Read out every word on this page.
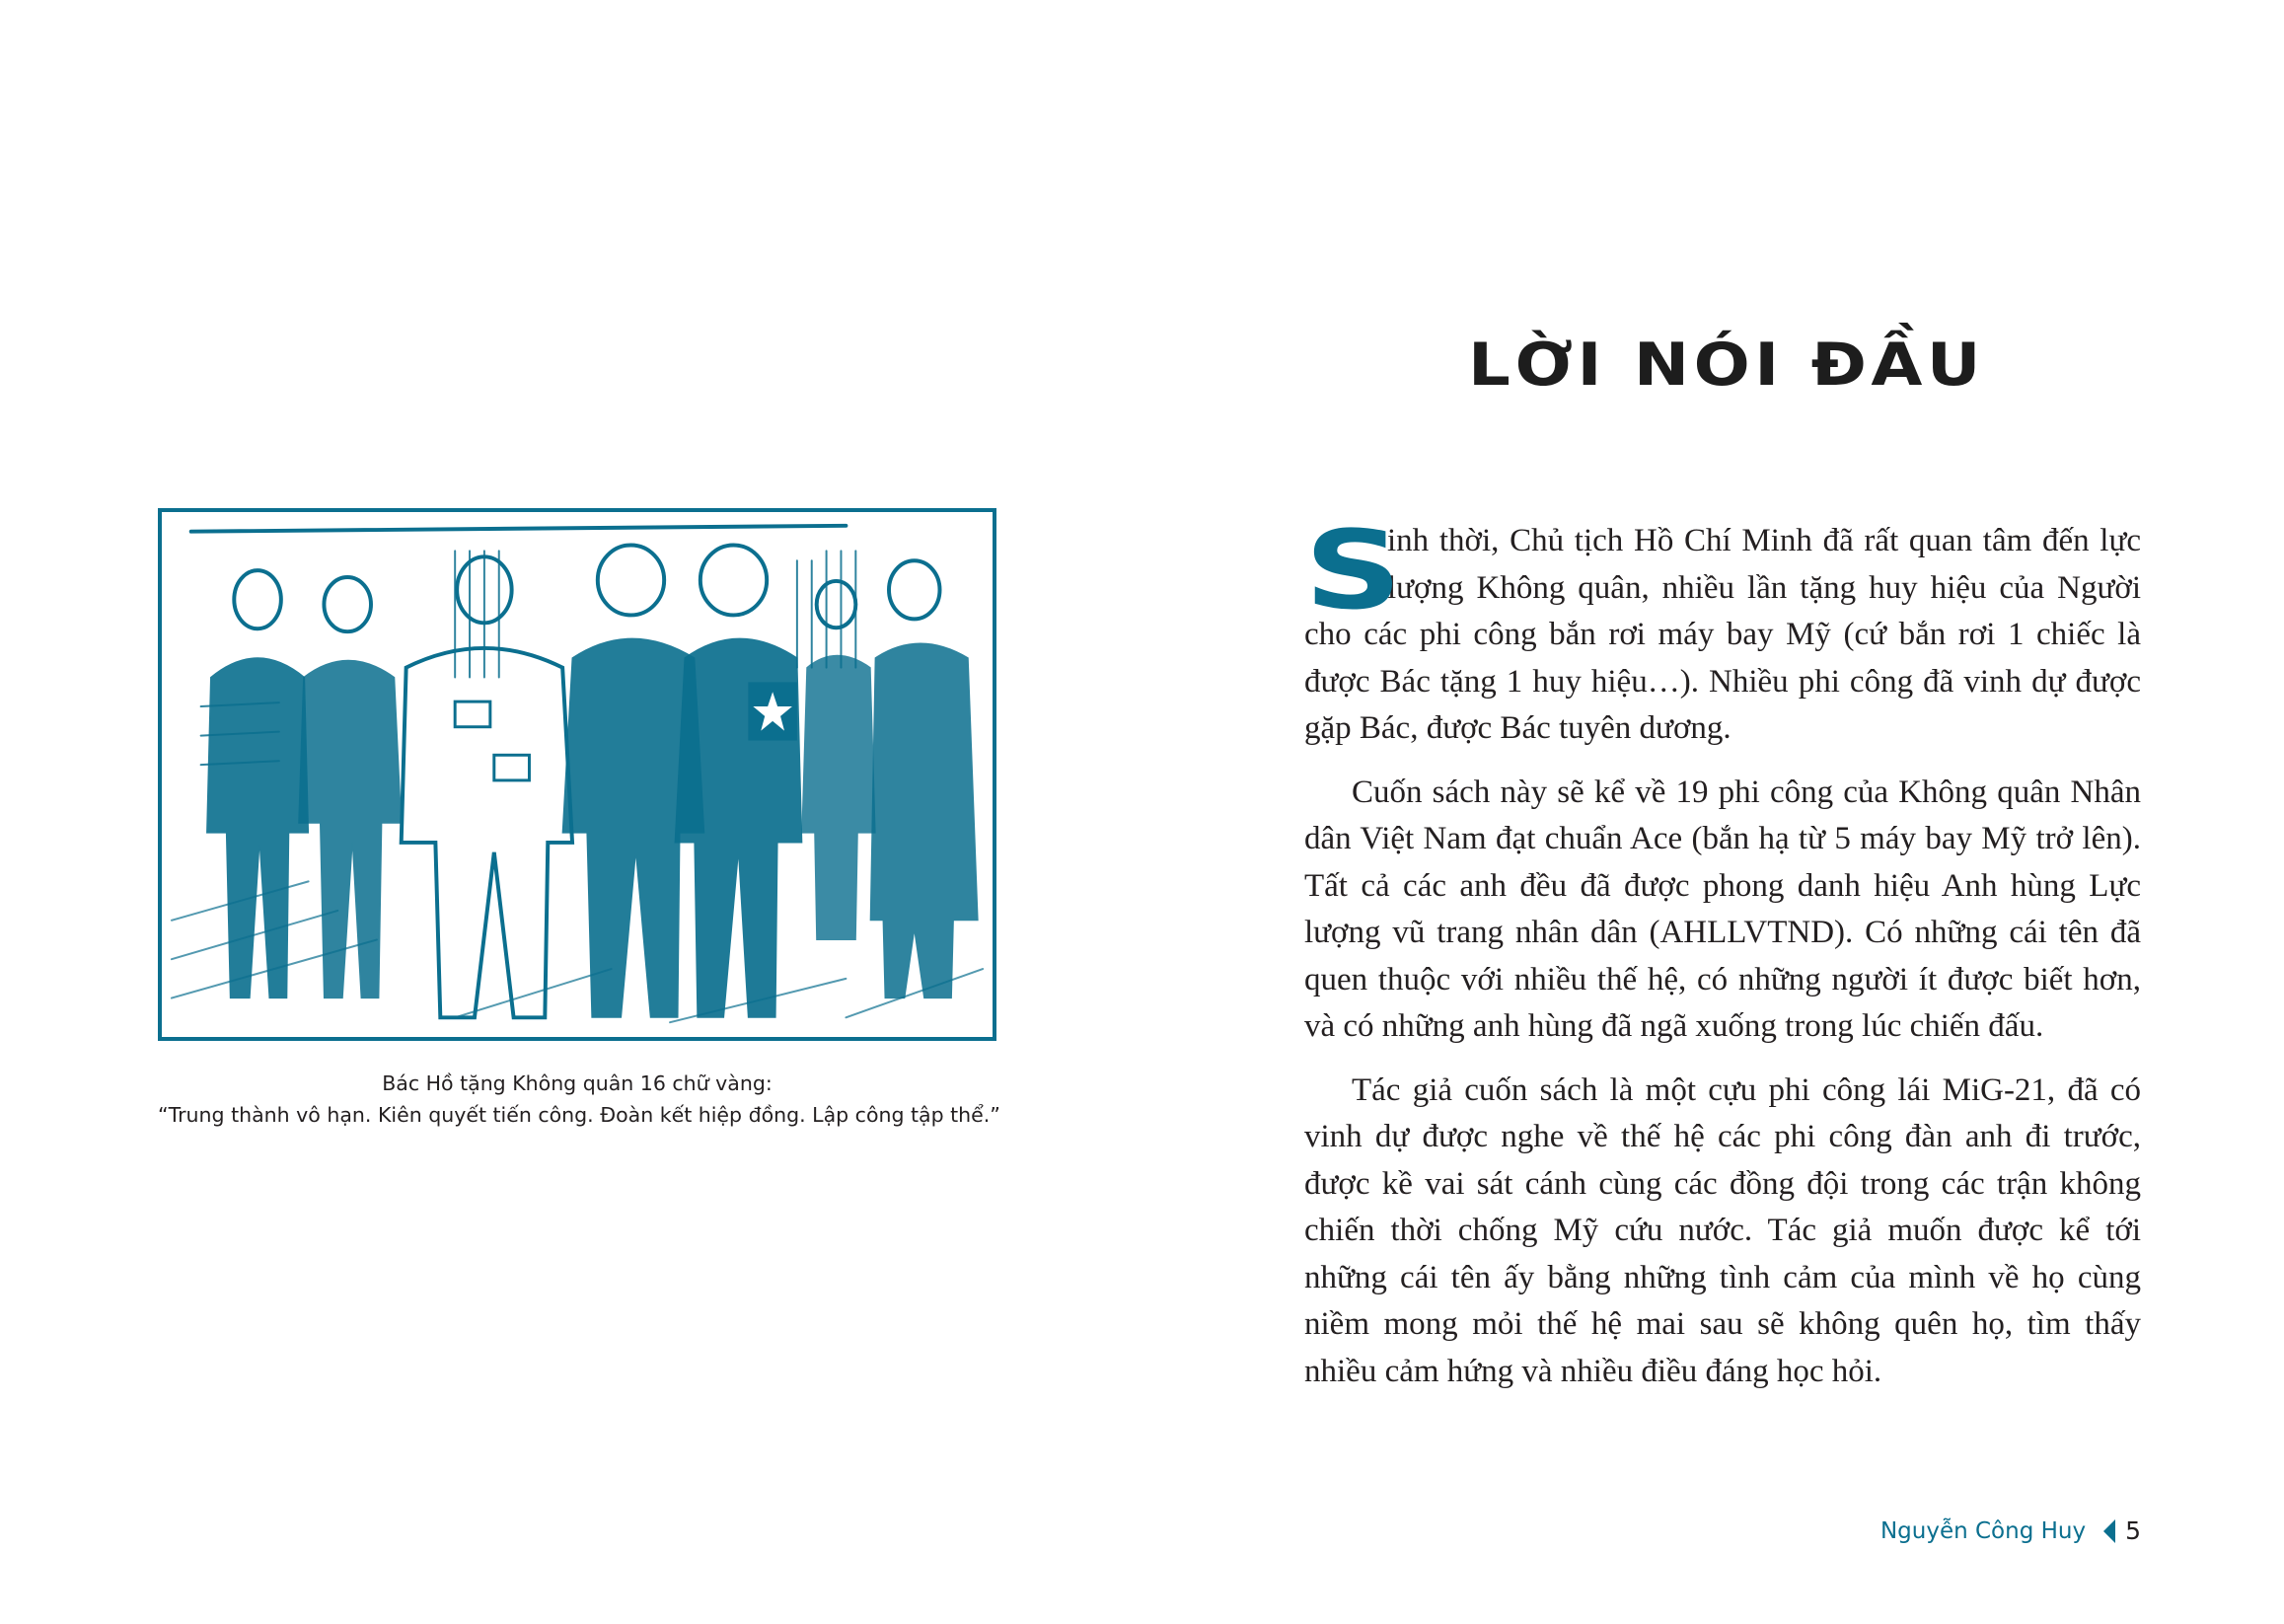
Bác Hồ tặng Không quân 16 chữ vàng:
“Trung thành vô hạn. Kiên quyết tiến công. Đoàn kết hiệp đồng. Lập công tập thể.”
LỜI NÓI ĐẦU

S
inh thời, Chủ tịch Hồ Chí Minh đã rất quan tâm đến lực lượng Không quân, nhiều lần tặng huy hiệu của Người cho các phi công bắn rơi máy bay Mỹ (cứ bắn rơi 1 chiếc là được Bác tặng 1 huy hiệu…). Nhiều phi công đã vinh dự được gặp Bác, được Bác tuyên dương.

Cuốn sách này sẽ kể về 19 phi công của Không quân Nhân dân Việt Nam đạt chuẩn Ace (bắn hạ từ 5 máy bay Mỹ trở lên). Tất cả các anh đều đã được phong danh hiệu Anh hùng Lực lượng vũ trang nhân dân (AHLLVTND). Có những cái tên đã quen thuộc với nhiều thế hệ, có những người ít được biết hơn, và có những anh hùng đã ngã xuống trong lúc chiến đấu.

Tác giả cuốn sách là một cựu phi công lái MiG-21, đã có vinh dự được nghe về thế hệ các phi công đàn anh đi trước, được kề vai sát cánh cùng các đồng đội trong các trận không chiến thời chống Mỹ cứu nước. Tác giả muốn được kể tới những cái tên ấy bằng những tình cảm của mình về họ cùng niềm mong mỏi thế hệ mai sau sẽ không quên họ, tìm thấy nhiều cảm hứng và nhiều điều đáng học hỏi.

Nguyễn Công Huy 5
